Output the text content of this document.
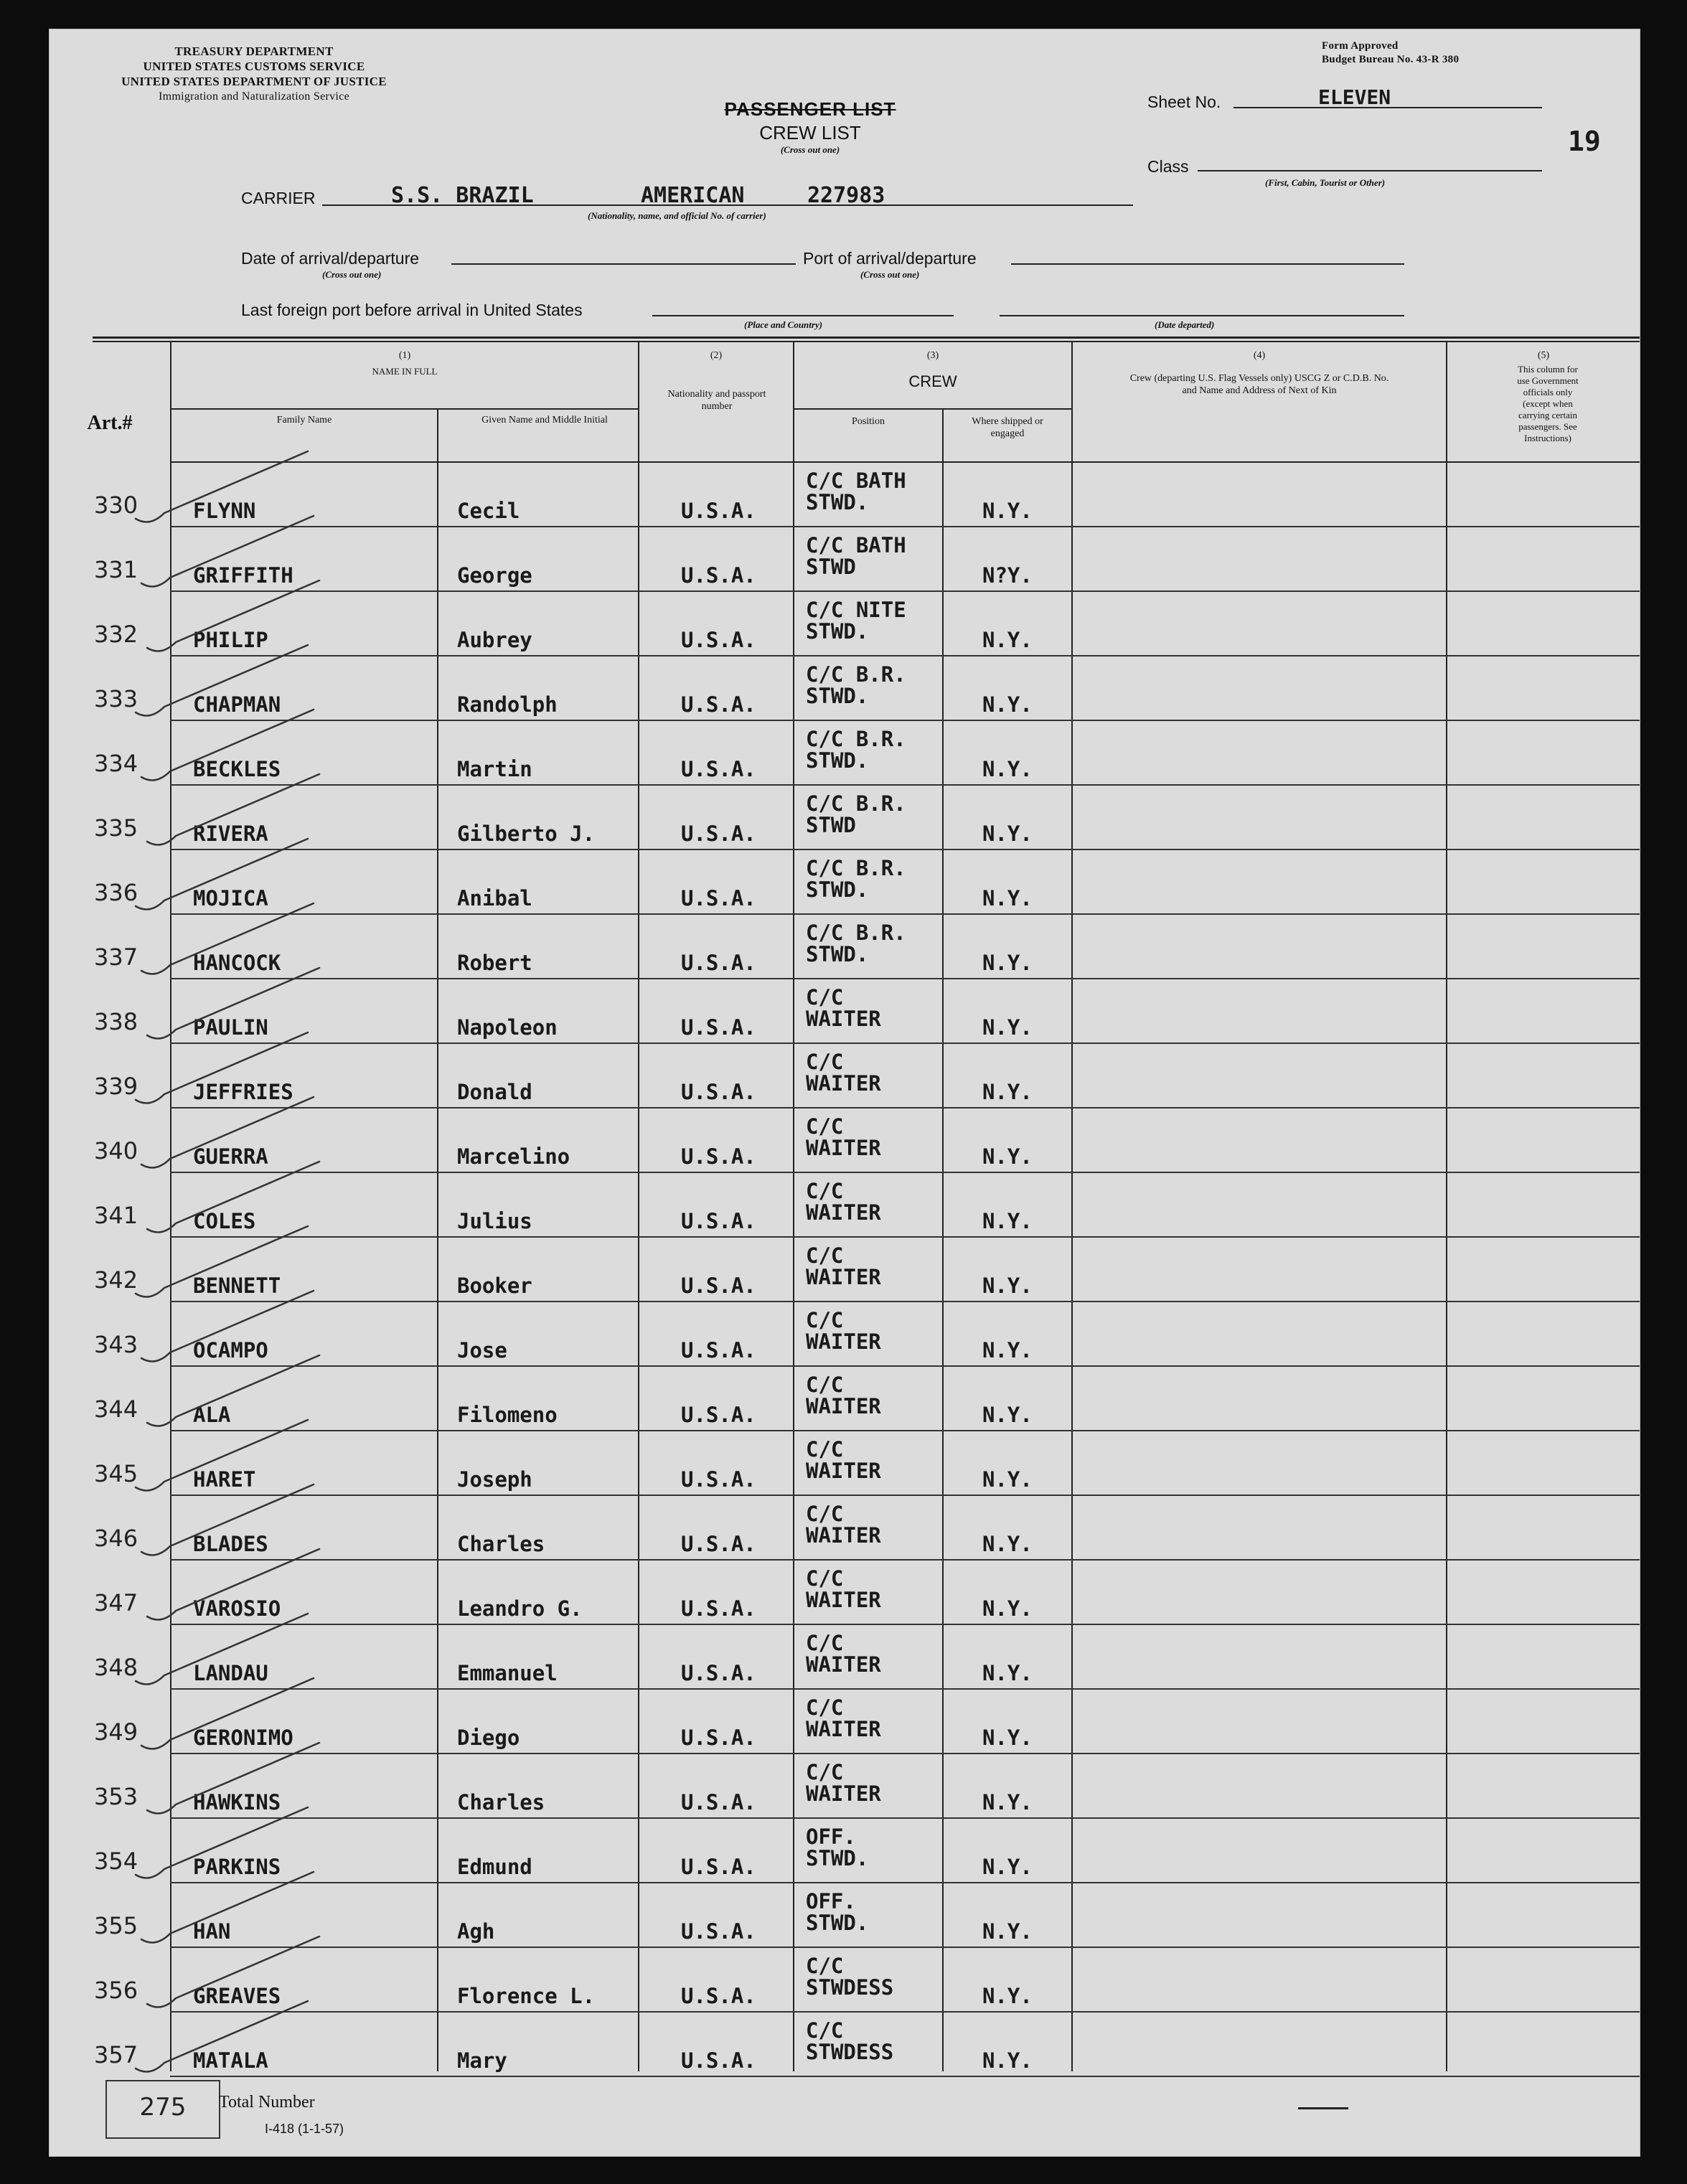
TREASURY DEPARTMENT
UNITED STATES CUSTOMS SERVICE
UNITED STATES DEPARTMENT OF JUSTICE
Immigration and Naturalization Service
Form Approved
Budget Bureau No. 43-R 380
PASSENGER LIST
CREW LIST
(Cross out one)
Sheet No.	ELEVEN
19
Class
(First, Cabin, Tourist or Other)
CARRIER	S.S. BRAZIL	AMERICAN	227983
(Nationality, name, and official No. of carrier)
Date of arrival/departure
(Cross out one)
Port of arrival/departure
(Cross out one)
Last foreign port before arrival in United States
(Place and Country)	(Date departed)
Art.#
(1)
NAME IN FULL
Family Name	Given Name and Middle Initial
(2)
Nationality and passport number
(3)
CREW
Position	Where shipped or engaged
(4)
Crew (departing U.S. Flag Vessels only) USCG Z or C.D.B. No. and Name and Address of Next of Kin
(5)
This column for use Government officials only (except when carrying certain passengers. See Instructions)
330	FLYNN	Cecil	U.S.A.
C/C BATH
STWD.	N.Y.
331	GRIFFITH	George	U.S.A.
C/C BATH
STWD	N?Y.
332	PHILIP	Aubrey	U.S.A.
C/C NITE
STWD.	N.Y.
333	CHAPMAN	Randolph	U.S.A.
C/C B.R.
STWD.	N.Y.
334	BECKLES	Martin	U.S.A.
C/C B.R.
STWD.	N.Y.
335	RIVERA	Gilberto J.	U.S.A.
C/C B.R.
STWD	N.Y.
336	MOJICA	Anibal	U.S.A.
C/C B.R.
STWD.	N.Y.
337	HANCOCK	Robert	U.S.A.
C/C B.R.
STWD.	N.Y.
338	PAULIN	Napoleon	U.S.A.
C/C
WAITER	N.Y.
339	JEFFRIES	Donald	U.S.A.
C/C
WAITER	N.Y.
340	GUERRA	Marcelino	U.S.A.
C/C
WAITER	N.Y.
341	COLES	Julius	U.S.A.
C/C
WAITER	N.Y.
342	BENNETT	Booker	U.S.A.
C/C
WAITER	N.Y.
343	OCAMPO	Jose	U.S.A.
C/C
WAITER	N.Y.
344	ALA	Filomeno	U.S.A.
C/C
WAITER	N.Y.
345	HARET	Joseph	U.S.A.
C/C
WAITER	N.Y.
346	BLADES	Charles	U.S.A.
C/C
WAITER	N.Y.
347	VAROSIO	Leandro G.	U.S.A.
C/C
WAITER	N.Y.
348	LANDAU	Emmanuel	U.S.A.
C/C
WAITER	N.Y.
349	GERONIMO	Diego	U.S.A.
C/C
WAITER	N.Y.
353	HAWKINS	Charles	U.S.A.
C/C
WAITER	N.Y.
354	PARKINS	Edmund	U.S.A.
OFF.
STWD.	N.Y.
355	HAN	Agh	U.S.A.
OFF.
STWD.	N.Y.
356	GREAVES	Florence L.	U.S.A.
C/C
STWDESS	N.Y.
357	MATALA	Mary	U.S.A.
C/C
STWDESS	N.Y.
275	Total Number
I-418 (1-1-57)
